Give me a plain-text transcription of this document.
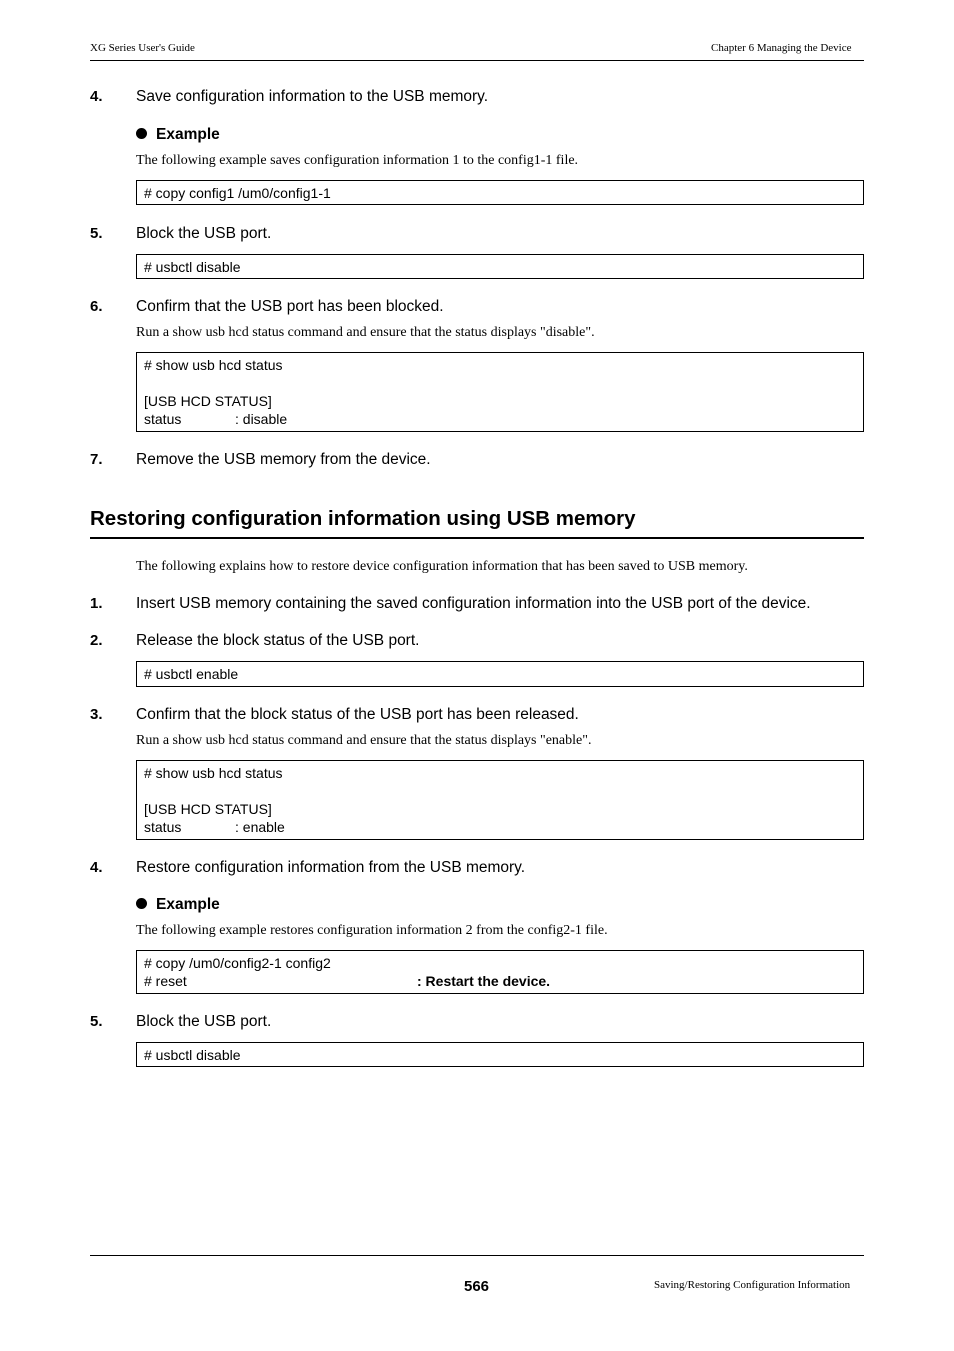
XG Series User's Guide	Chapter 6 Managing the Device
4. Save configuration information to the USB memory.
Example
The following example saves configuration information 1 to the config1-1 file.
# copy config1 /um0/config1-1
5. Block the USB port.
# usbctl disable
6. Confirm that the USB port has been blocked.
Run a show usb hcd status command and ensure that the status displays "disable".
# show usb hcd status
[USB HCD STATUS]
status	: disable
7. Remove the USB memory from the device.
Restoring configuration information using USB memory
The following explains how to restore device configuration information that has been saved to USB memory.
1. Insert USB memory containing the saved configuration information into the USB port of the device.
2. Release the block status of the USB port.
# usbctl enable
3. Confirm that the block status of the USB port has been released.
Run a show usb hcd status command and ensure that the status displays "enable".
# show usb hcd status
[USB HCD STATUS]
status	: enable
4. Restore configuration information from the USB memory.
Example
The following example restores configuration information 2 from the config2-1 file.
# copy /um0/config2-1 config2
# reset	: Restart the device.
5. Block the USB port.
# usbctl disable
566	Saving/Restoring Configuration Information
